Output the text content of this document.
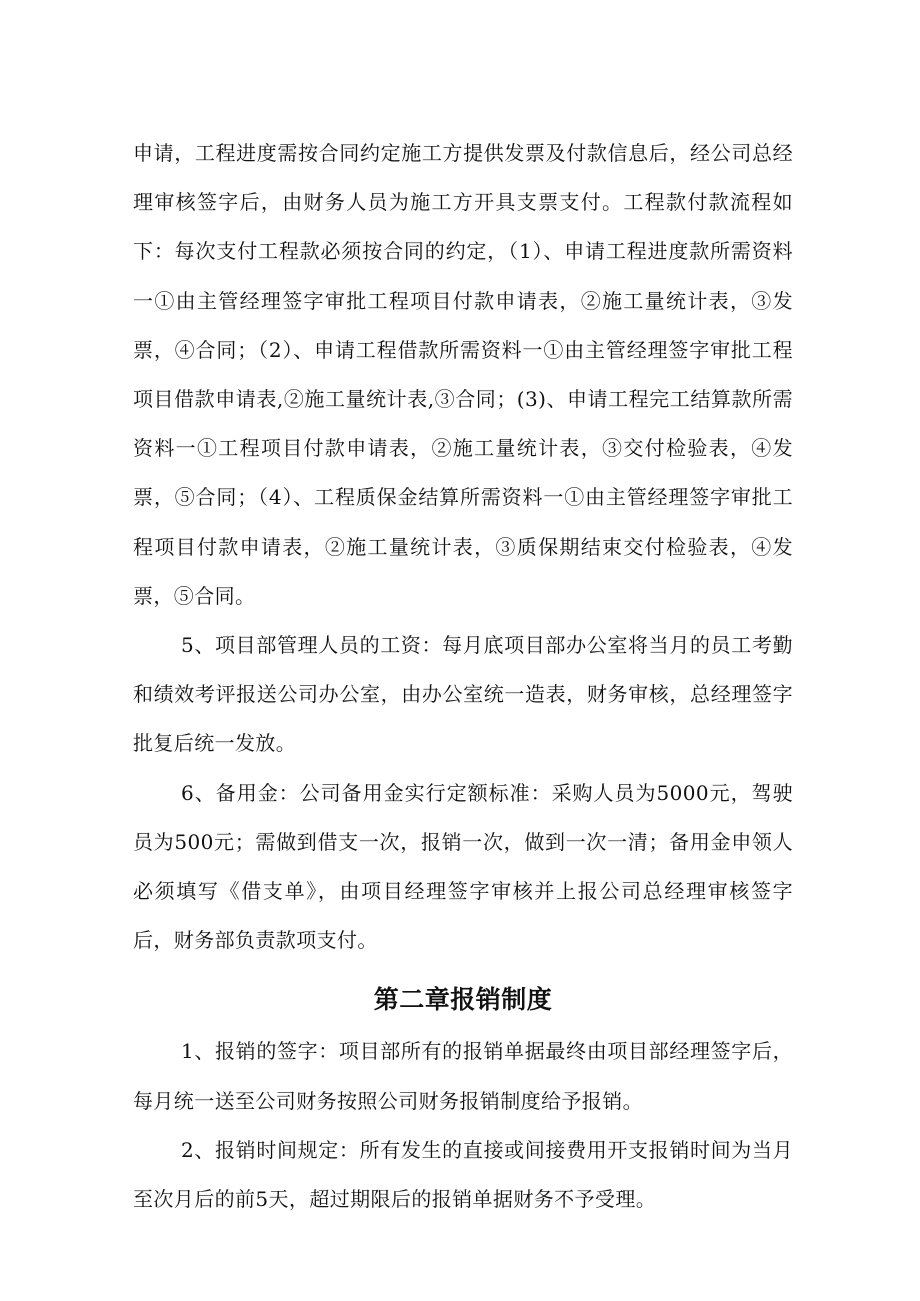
申请，工程进度需按合同约定施工方提供发票及付款信息后，经公司总经理审核签字后，由财务人员为施工方开具支票支付。工程款付款流程如下：每次支付工程款必须按合同的约定，（1）、申请工程进度款所需资料一①由主管经理签字审批工程项目付款申请表，②施工量统计表，③发票，④合同；（2）、申请工程借款所需资料一①由主管经理签字审批工程项目借款申请表,②施工量统计表,③合同；(3)、申请工程完工结算款所需资料一①工程项目付款申请表，②施工量统计表，③交付检验表，④发票，⑤合同；（4）、工程质保金结算所需资料一①由主管经理签字审批工程项目付款申请表，②施工量统计表，③质保期结束交付检验表，④发票，⑤合同。

5、项目部管理人员的工资：每月底项目部办公室将当月的员工考勤和绩效考评报送公司办公室，由办公室统一造表，财务审核，总经理签字批复后统一发放。

6、备用金：公司备用金实行定额标准：采购人员为5000元，驾驶员为500元；需做到借支一次，报销一次，做到一次一清；备用金申领人必须填写《借支单》，由项目经理签字审核并上报公司总经理审核签字后，财务部负责款项支付。

第二章报销制度

1、报销的签字：项目部所有的报销单据最终由项目部经理签字后，每月统一送至公司财务按照公司财务报销制度给予报销。

2、报销时间规定：所有发生的直接或间接费用开支报销时间为当月至次月后的前5天，超过期限后的报销单据财务不予受理。
